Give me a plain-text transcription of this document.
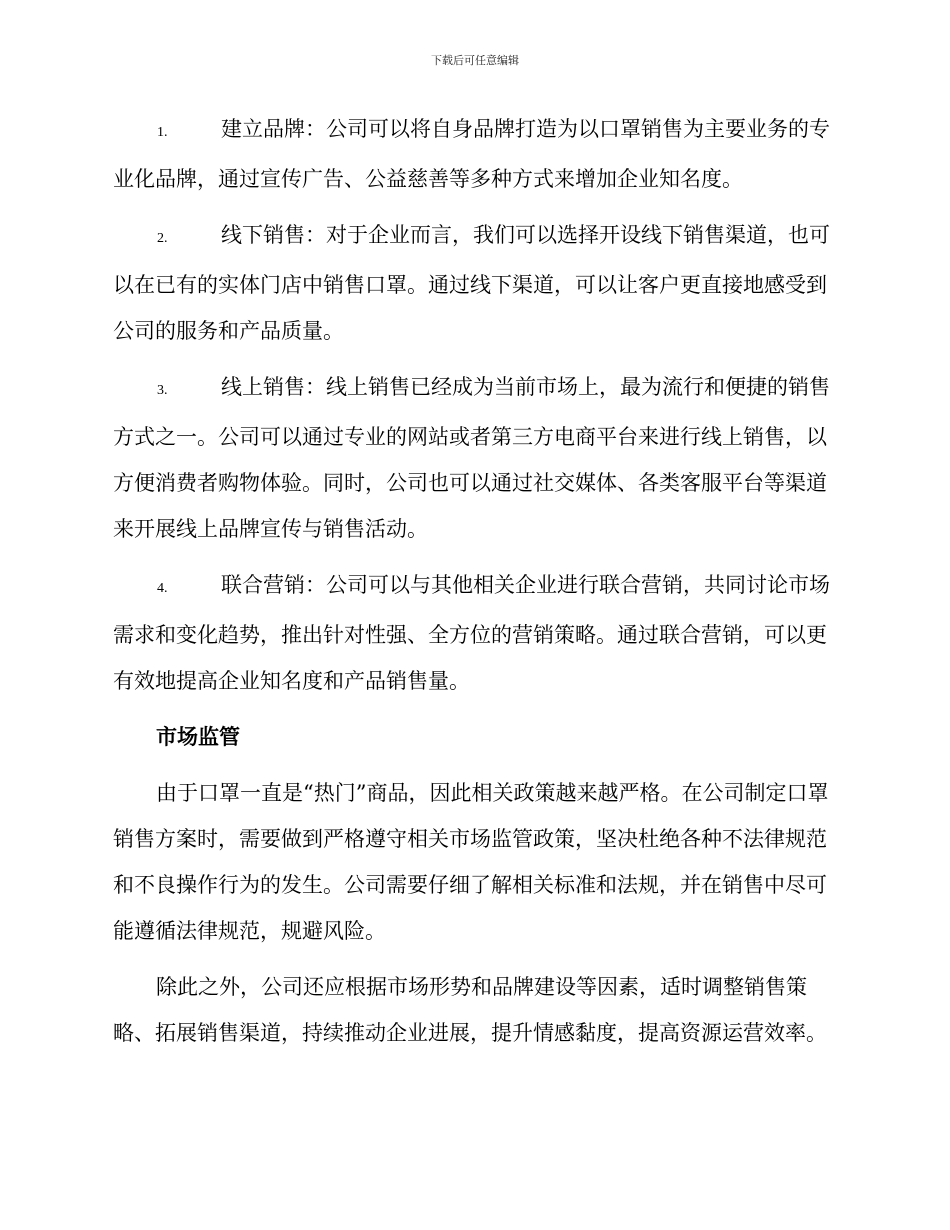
下载后可任意编辑

1.	建立品牌：公司可以将自身品牌打造为以口罩销售为主要业务的专业化品牌，通过宣传广告、公益慈善等多种方式来增加企业知名度。

2.	线下销售：对于企业而言，我们可以选择开设线下销售渠道，也可以在已有的实体门店中销售口罩。通过线下渠道，可以让客户更直接地感受到公司的服务和产品质量。

3.	线上销售：线上销售已经成为当前市场上，最为流行和便捷的销售方式之一。公司可以通过专业的网站或者第三方电商平台来进行线上销售，以方便消费者购物体验。同时，公司也可以通过社交媒体、各类客服平台等渠道来开展线上品牌宣传与销售活动。

4.	联合营销：公司可以与其他相关企业进行联合营销，共同讨论市场需求和变化趋势，推出针对性强、全方位的营销策略。通过联合营销，可以更有效地提高企业知名度和产品销售量。

市场监管

由于口罩一直是“热门”商品，因此相关政策越来越严格。在公司制定口罩销售方案时，需要做到严格遵守相关市场监管政策，坚决杜绝各种不法律规范和不良操作行为的发生。公司需要仔细了解相关标准和法规，并在销售中尽可能遵循法律规范，规避风险。

除此之外，公司还应根据市场形势和品牌建设等因素，适时调整销售策略、拓展销售渠道，持续推动企业进展，提升情感黏度，提高资源运营效率。
